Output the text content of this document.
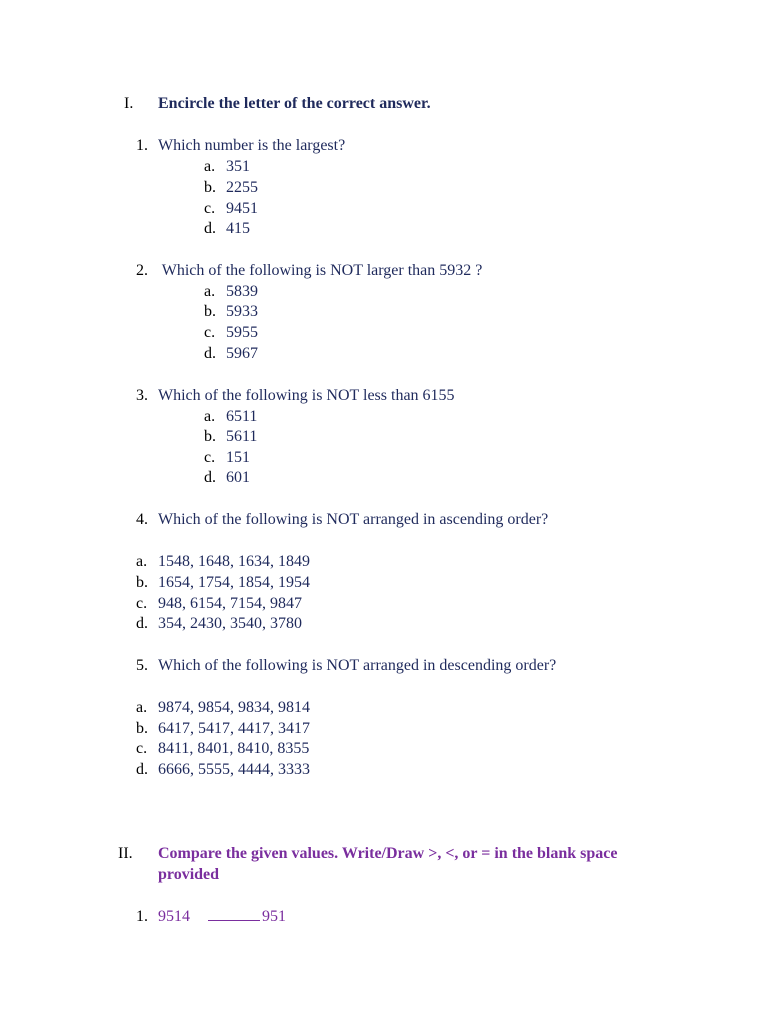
I. Encircle the letter of the correct answer.
1. Which number is the largest?
a. 351
b. 2255
c. 9451
d. 415
2. Which of the following is NOT larger than 5932 ?
a. 5839
b. 5933
c. 5955
d. 5967
3. Which of the following is NOT less than 6155
a. 6511
b. 5611
c. 151
d. 601
4. Which of the following is NOT arranged in ascending order?
a. 1548, 1648, 1634, 1849
b. 1654, 1754, 1854, 1954
c. 948, 6154, 7154, 9847
d. 354, 2430, 3540, 3780
5. Which of the following is NOT arranged in descending order?
a. 9874, 9854, 9834, 9814
b. 6417, 5417, 4417, 3417
c. 8411, 8401, 8410, 8355
d. 6666, 5555, 4444, 3333
II. Compare the given values. Write/Draw >, <, or = in the blank space
provided
1. 9514	951
